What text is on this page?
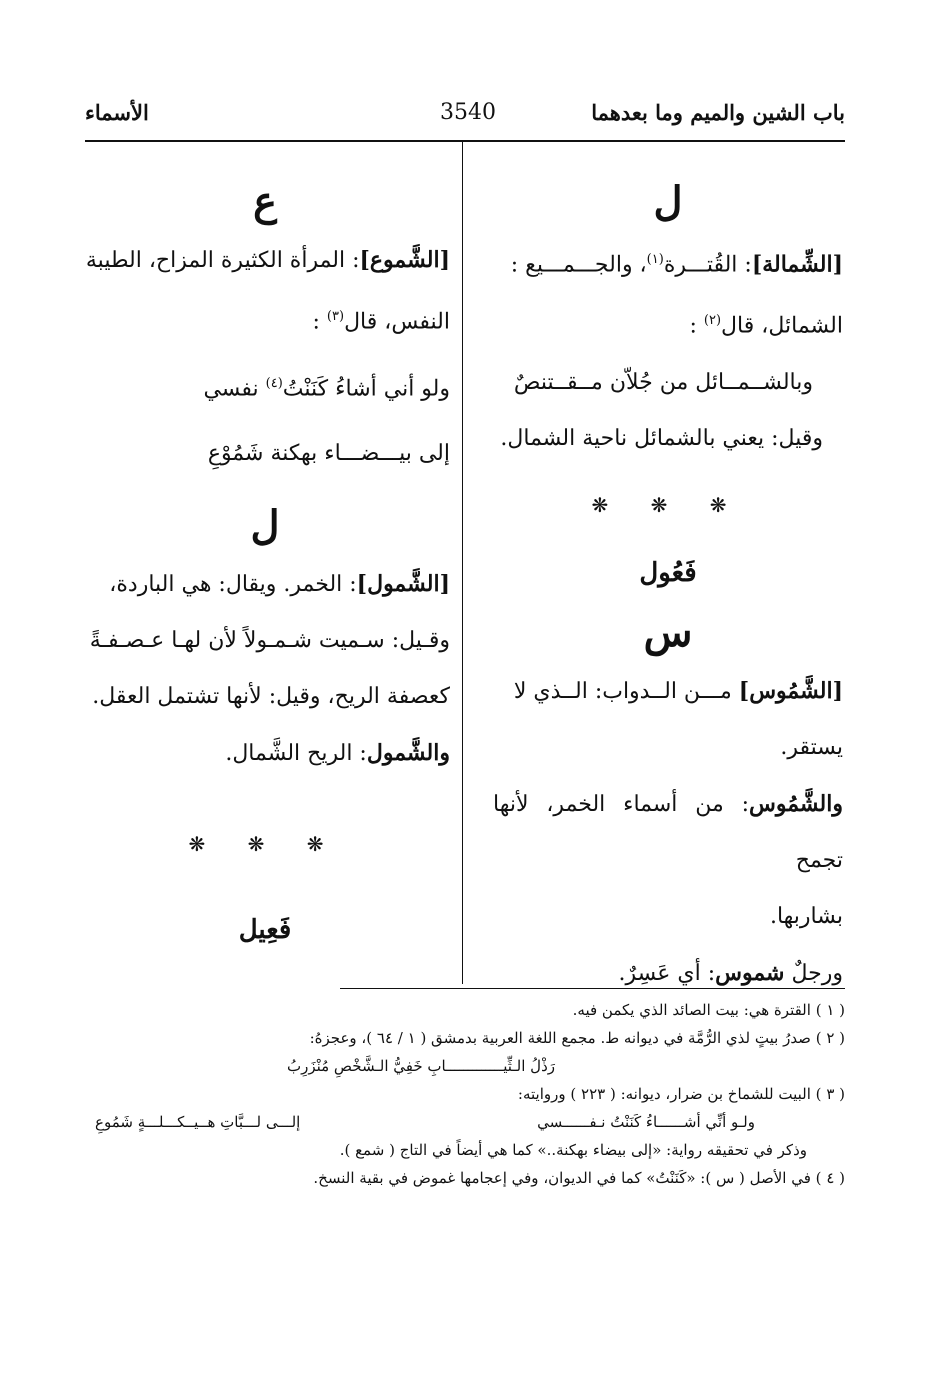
باب الشين والميم وما بعدهما
3540
الأسماء
ل

[الشِّمالة]: القُتـــرة$^{(١)}$، والجـــمـــيع :
الشمائل، قال$^{(٢)}$ :

وبالشــمــائل من جُلاّن مــقــتنصٌ

وقيل: يعني بالشمائل ناحية الشمال.

❋ ❋ ❋
فَعُول
س

[الشَّمُوس] مـــن الــدواب: الــذي لا
يستقر.

والشَّمُوس: من أسماء الخمر، لأنها تجمح
بشاربها.

ورجلٌ شموس: أي عَسِرٌ.

ع

[الشَّموع]: المرأة الكثيرة المزاح، الطيبة
النفس، قال$^{(٣)}$ :

ولو أني أشاءُ كَنَنْتُ$^{(٤)}$ نفسي

إلى بيـــضـــاء بهكنة شَمُوْعِ

ل

[الشَّمول]: الخمر. ويقال: هي الباردة،
وقـيل: سـميت شـمـولاً لأن لهـا عـصـفـةً
كعصفة الريح، وقيل: لأنها تشتمل العقل.

والشَّمول: الريح الشَّمال.

❋ ❋ ❋
فَعِيل

( ١ ) القترة هي: بيت الصائد الذي يكمن فيه.

( ٢ ) صدرُ بيتٍ لذي الرُّمَّة في ديوانه ط. مجمع اللغة العربية بدمشق ( ١ / ٦٤ )، وعجزهُ:

رَذْلُ الـثِّيـــــــــــــابِ خَفِيُّ الـشَّخْصِ مُنْزَرِبُ

( ٣ ) البيت للشماخ بن ضرار، ديوانه: ( ٢٢٣ ) وروايته:

ولـو أنِّي أشــــــاءُ كَنَنْتُ نـفــــــسي
إلـــى لـــبَّاتِ هــيــكـــلـــةٍ شَمُوعِ

وذكر في تحقيقه رواية: «إلى بيضاء بهكنة..» كما هي أيضاً في التاج ( شمع ).

( ٤ ) في الأصل ( س ): «كَنَنْتُ» كما في الديوان، وفي إعجامها غموض في بقية النسخ.
